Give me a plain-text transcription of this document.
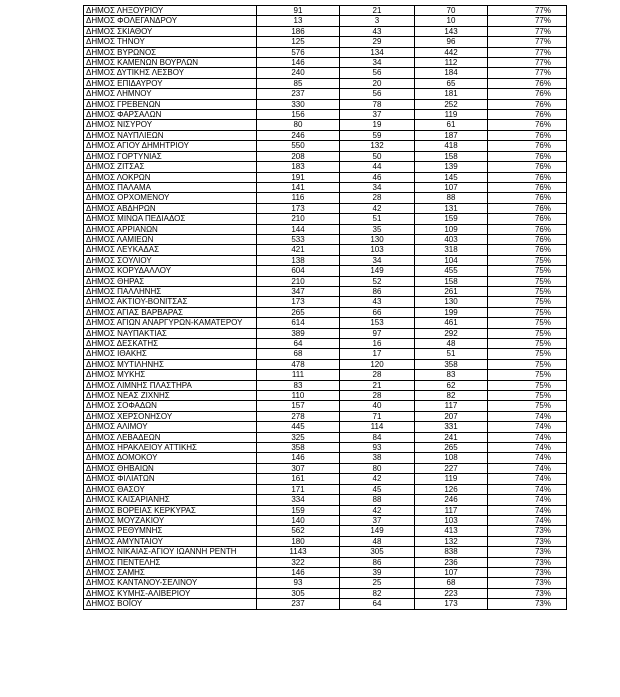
ΔΗΜΟΣ ΛΗΞΟΥΡΙΟΥ	91	21	70	77%
ΔΗΜΟΣ ΦΟΛΕΓΑΝΔΡΟΥ	13	3	10	77%
ΔΗΜΟΣ ΣΚΙΑΘΟΥ	186	43	143	77%
ΔΗΜΟΣ ΤΗΝΟΥ	125	29	96	77%
ΔΗΜΟΣ ΒΥΡΩΝΟΣ	576	134	442	77%
ΔΗΜΟΣ ΚΑΜΕΝΩΝ ΒΟΥΡΛΩΝ	146	34	112	77%
ΔΗΜΟΣ ΔΥΤΙΚΗΣ ΛΕΣΒΟΥ	240	56	184	77%
ΔΗΜΟΣ ΕΠΙΔΑΥΡΟΥ	85	20	65	76%
ΔΗΜΟΣ ΛΗΜΝΟΥ	237	56	181	76%
ΔΗΜΟΣ ΓΡΕΒΕΝΩΝ	330	78	252	76%
ΔΗΜΟΣ ΦΑΡΣΑΛΩΝ	156	37	119	76%
ΔΗΜΟΣ ΝΙΣΥΡΟΥ	80	19	61	76%
ΔΗΜΟΣ ΝΑΥΠΛΙΕΩΝ	246	59	187	76%
ΔΗΜΟΣ ΑΓΙΟΥ ΔΗΜΗΤΡΙΟΥ	550	132	418	76%
ΔΗΜΟΣ ΓΟΡΤΥΝΙΑΣ	208	50	158	76%
ΔΗΜΟΣ ΖΙΤΣΑΣ	183	44	139	76%
ΔΗΜΟΣ ΛΟΚΡΩΝ	191	46	145	76%
ΔΗΜΟΣ ΠΑΛΑΜΑ	141	34	107	76%
ΔΗΜΟΣ ΟΡΧΟΜΕΝΟΥ	116	28	88	76%
ΔΗΜΟΣ ΑΒΔΗΡΩΝ	173	42	131	76%
ΔΗΜΟΣ ΜΙΝΩΑ ΠΕΔΙΑΔΟΣ	210	51	159	76%
ΔΗΜΟΣ ΑΡΡΙΑΝΩΝ	144	35	109	76%
ΔΗΜΟΣ ΛΑΜΙΕΩΝ	533	130	403	76%
ΔΗΜΟΣ ΛΕΥΚΑΔΑΣ	421	103	318	76%
ΔΗΜΟΣ ΣΟΥΛΙΟΥ	138	34	104	75%
ΔΗΜΟΣ ΚΟΡΥΔΑΛΛΟΥ	604	149	455	75%
ΔΗΜΟΣ ΘΗΡΑΣ	210	52	158	75%
ΔΗΜΟΣ ΠΑΛΛΗΝΗΣ	347	86	261	75%
ΔΗΜΟΣ ΑΚΤΙΟΥ-ΒΟΝΙΤΣΑΣ	173	43	130	75%
ΔΗΜΟΣ ΑΓΙΑΣ ΒΑΡΒΑΡΑΣ	265	66	199	75%
ΔΗΜΟΣ ΑΓΙΩΝ ΑΝΑΡΓΥΡΩΝ-ΚΑΜΑΤΕΡΟΥ	614	153	461	75%
ΔΗΜΟΣ ΝΑΥΠΑΚΤΙΑΣ	389	97	292	75%
ΔΗΜΟΣ ΔΕΣΚΑΤΗΣ	64	16	48	75%
ΔΗΜΟΣ ΙΘΑΚΗΣ	68	17	51	75%
ΔΗΜΟΣ ΜΥΤΙΛΗΝΗΣ	478	120	358	75%
ΔΗΜΟΣ ΜΥΚΗΣ	111	28	83	75%
ΔΗΜΟΣ ΛΙΜΝΗΣ ΠΛΑΣΤΗΡΑ	83	21	62	75%
ΔΗΜΟΣ ΝΕΑΣ ΖΙΧΝΗΣ	110	28	82	75%
ΔΗΜΟΣ ΣΟΦΑΔΩΝ	157	40	117	75%
ΔΗΜΟΣ ΧΕΡΣΟΝΗΣΟΥ	278	71	207	74%
ΔΗΜΟΣ ΑΛΙΜΟΥ	445	114	331	74%
ΔΗΜΟΣ ΛΕΒΑΔΕΩΝ	325	84	241	74%
ΔΗΜΟΣ ΗΡΑΚΛΕΙΟΥ ΑΤΤΙΚΗΣ	358	93	265	74%
ΔΗΜΟΣ ΔΟΜΟΚΟΥ	146	38	108	74%
ΔΗΜΟΣ ΘΗΒΑΙΩΝ	307	80	227	74%
ΔΗΜΟΣ ΦΙΛΙΑΤΩΝ	161	42	119	74%
ΔΗΜΟΣ ΘΑΣΟΥ	171	45	126	74%
ΔΗΜΟΣ ΚΑΙΣΑΡΙΑΝΗΣ	334	88	246	74%
ΔΗΜΟΣ ΒΟΡΕΙΑΣ ΚΕΡΚΥΡΑΣ	159	42	117	74%
ΔΗΜΟΣ ΜΟΥΖΑΚΙΟΥ	140	37	103	74%
ΔΗΜΟΣ ΡΕΘΥΜΝΗΣ	562	149	413	73%
ΔΗΜΟΣ ΑΜΥΝΤΑΙΟΥ	180	48	132	73%
ΔΗΜΟΣ ΝΙΚΑΙΑΣ-ΑΓΙΟΥ ΙΩΑΝΝΗ ΡΕΝΤΗ	1143	305	838	73%
ΔΗΜΟΣ ΠΕΝΤΕΛΗΣ	322	86	236	73%
ΔΗΜΟΣ ΣΑΜΗΣ	146	39	107	73%
ΔΗΜΟΣ ΚΑΝΤΑΝΟΥ-ΣΕΛΙΝΟΥ	93	25	68	73%
ΔΗΜΟΣ ΚΥΜΗΣ-ΑΛΙΒΕΡΙΟΥ	305	82	223	73%
ΔΗΜΟΣ ΒΟΪΟΥ	237	64	173	73%
